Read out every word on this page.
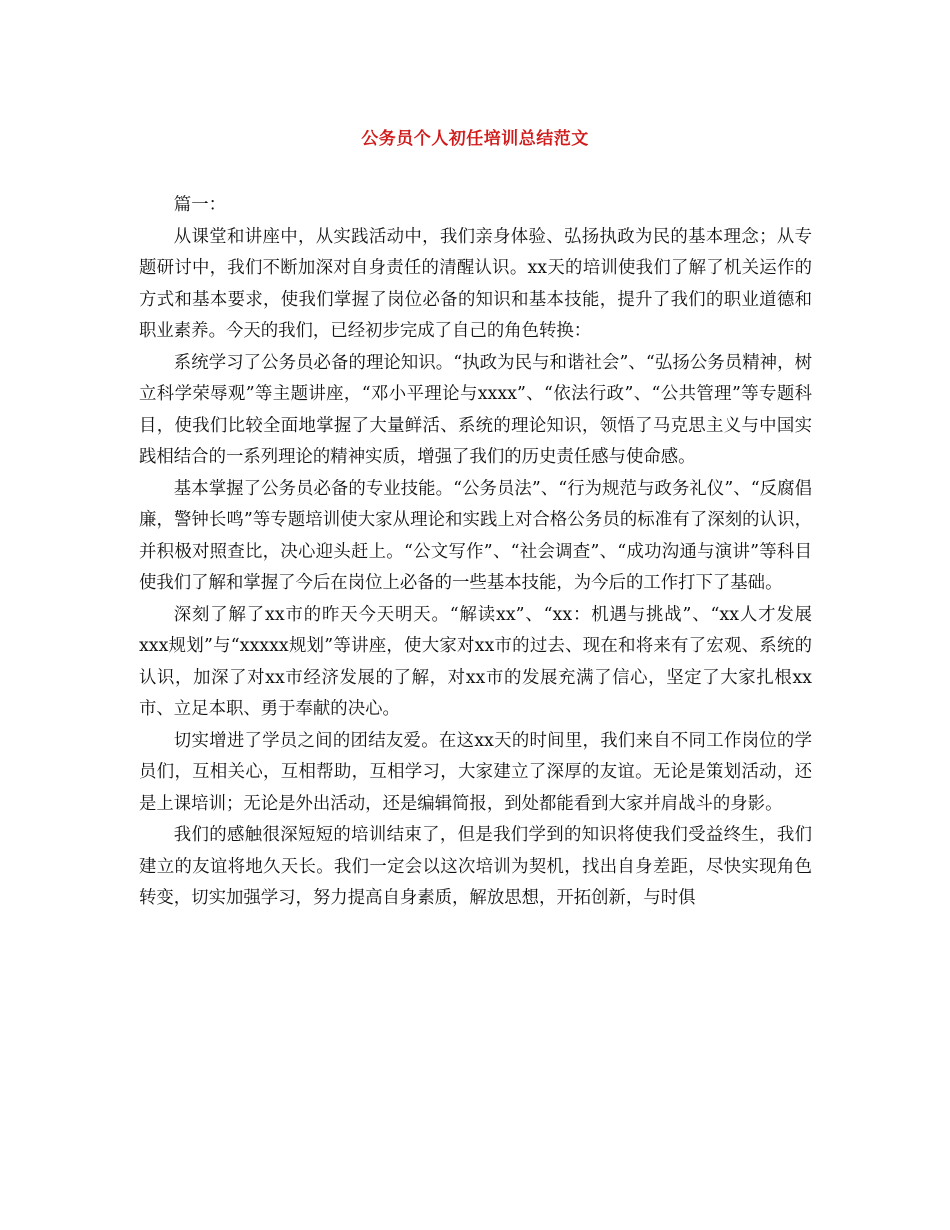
公务员个人初任培训总结范文

篇一：

从课堂和讲座中，从实践活动中，我们亲身体验、弘扬执政为民的基本理念；从专题研讨中，我们不断加深对自身责任的清醒认识。xx天的培训使我们了解了机关运作的方式和基本要求，使我们掌握了岗位必备的知识和基本技能，提升了我们的职业道德和职业素养。今天的我们，已经初步完成了自己的角色转换：

系统学习了公务员必备的理论知识。“执政为民与和谐社会”、“弘扬公务员精神，树立科学荣辱观”等主题讲座，“邓小平理论与xxxx”、“依法行政”、“公共管理”等专题科目，使我们比较全面地掌握了大量鲜活、系统的理论知识，领悟了马克思主义与中国实践相结合的一系列理论的精神实质，增强了我们的历史责任感与使命感。

基本掌握了公务员必备的专业技能。“公务员法”、“行为规范与政务礼仪”、“反腐倡廉，警钟长鸣”等专题培训使大家从理论和实践上对合格公务员的标准有了深刻的认识，并积极对照查比，决心迎头赶上。“公文写作”、“社会调查”、“成功沟通与演讲”等科目使我们了解和掌握了今后在岗位上必备的一些基本技能，为今后的工作打下了基础。

深刻了解了xx市的昨天今天明天。“解读xx”、“xx：机遇与挑战”、“xx人才发展xxx规划”与“xxxxx规划”等讲座，使大家对xx市的过去、现在和将来有了宏观、系统的认识，加深了对xx市经济发展的了解，对xx市的发展充满了信心，坚定了大家扎根xx市、立足本职、勇于奉献的决心。

切实增进了学员之间的团结友爱。在这xx天的时间里，我们来自不同工作岗位的学员们，互相关心，互相帮助，互相学习，大家建立了深厚的友谊。无论是策划活动，还是上课培训；无论是外出活动，还是编辑简报，到处都能看到大家并肩战斗的身影。

我们的感触很深短短的培训结束了，但是我们学到的知识将使我们受益终生，我们建立的友谊将地久天长。我们一定会以这次培训为契机，找出自身差距，尽快实现角色转变，切实加强学习，努力提高自身素质，解放思想，开拓创新，与时俱
